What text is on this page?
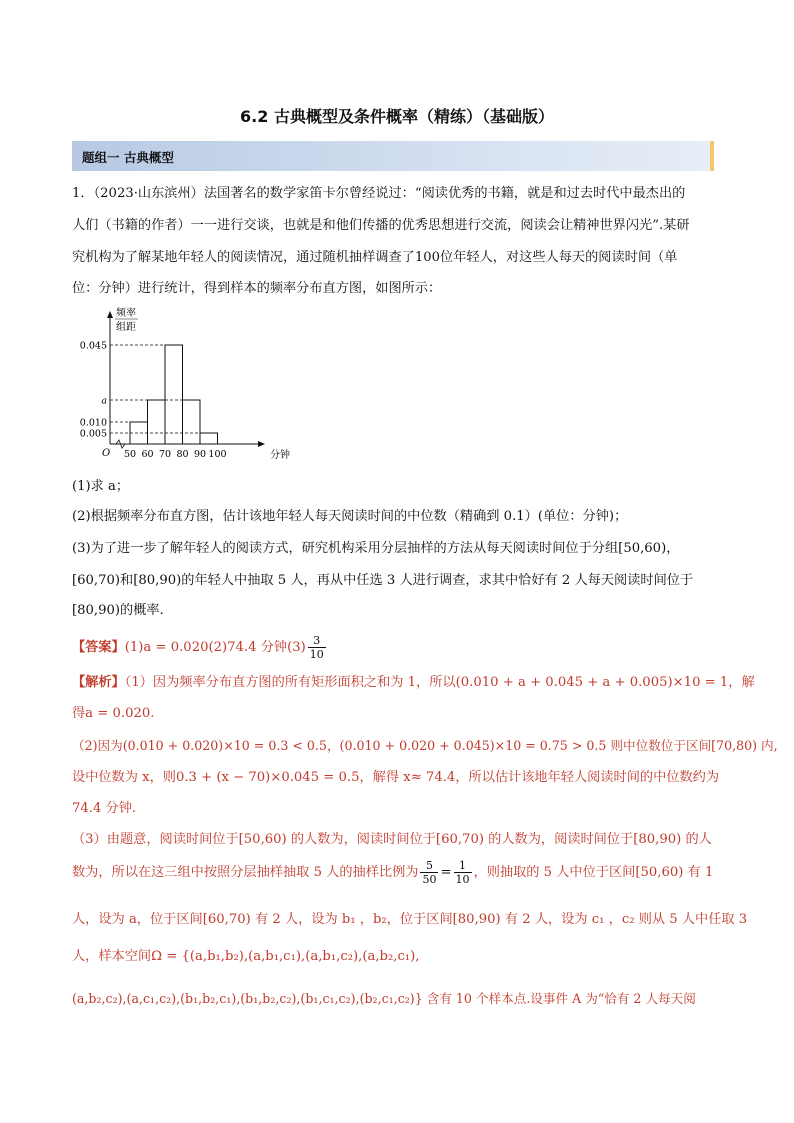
6.2 古典概型及条件概率（精练）（基础版）
题组一 古典概型
1．（2023·山东滨州）法国著名的数学家笛卡尔曾经说过：“阅读优秀的书籍，就是和过去时代中最杰出的
人们（书籍的作者）一一进行交谈，也就是和他们传播的优秀思想进行交流，阅读会让精神世界闪光”.某研
究机构为了解某地年轻人的阅读情况，通过随机抽样调查了100位年轻人，对这些人每天的阅读时间（单
位：分钟）进行统计，得到样本的频率分布直方图，如图所示：
频率
组距
0.045
a
0.010
0.005
50 60 70 80 90 100
O	分钟
(1)求 a；
(2)根据频率分布直方图，估计该地年轻人每天阅读时间的中位数（精确到 0.1）(单位：分钟)；
(3)为了进一步了解年轻人的阅读方式，研究机构采用分层抽样的方法从每天阅读时间位于分组[50,60)，
[60,70)和[80,90)的年轻人中抽取 5 人，再从中任选 3 人进行调查，求其中恰好有 2 人每天阅读时间位于
[80,90)的概率.
【答案】(1)a = 0.020(2)74.4 分钟$(3) \frac{3}{10}$
【解析】（1）因为频率分布直方图的所有矩形面积之和为 1，所以(0.010 + a + 0.045 + a + 0.005)×10 = 1，解
得a = 0.020.
（2)因为(0.010 + 0.020)×10 = 0.3 < 0.5，(0.010 + 0.020 + 0.045)×10 = 0.75 > 0.5 则中位数位于区间[70,80) 内,
设中位数为 x，则0.3 + (x − 70)×0.045 = 0.5，解得 x≈ 74.4，所以估计该地年轻人阅读时间的中位数约为
74.4 分钟.
（3）由题意，阅读时间位于[50,60) 的人数为，阅读时间位于[60,70) 的人数为，阅读时间位于[80,90) 的人
数为，所以在这三组中按照分层抽样抽取 5 人的抽样比例为 $\frac{5}{50} = \frac{1}{10}$ ，则抽取的 5 人中位于区间[50,60) 有 1
人，设为 a，位于区间[60,70) 有 2 人，设为 b₁ ，b₂，位于区间[80,90) 有 2 人，设为 c₁ ，c₂ 则从 5 人中任取 3
人，样本空间Ω = {(a,b₁,b₂),(a,b₁,c₁),(a,b₁,c₂),(a,b₂,c₁),
(a,b₂,c₂),(a,c₁,c₂),(b₁,b₂,c₁),(b₁,b₂,c₂),(b₁,c₁,c₂),(b₂,c₁,c₂)} 含有 10 个样本点.设事件 A 为“恰有 2 人每天阅
